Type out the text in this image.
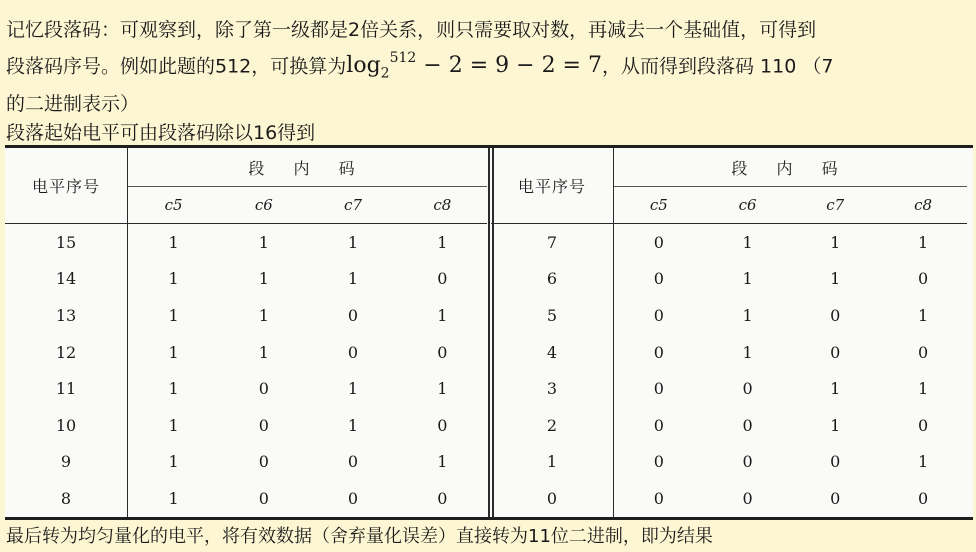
记忆段落码：可观察到，除了第一级都是2倍关系，则只需要取对数，再减去一个基础值，可得到
段落码序号。例如此题的512，可换算为$\log_2^{512} - 2 = 9 - 2 = 7$，从而得到段落码 110 （7
的二进制表示）
段落起始电平可由段落码除以16得到
电平序号	段 内 码			
	c5	c6	c7	c8
15	1	1	1	1
14	1	1	1	0
13	1	1	0	1
12	1	1	0	0
11	1	0	1	1
10	1	0	1	0
9	1	0	0	1
8	1	0	0	0
电平序号	段 内 码			
	c5	c6	c7	c8
7	0	1	1	1
6	0	1	1	0
5	0	1	0	1
4	0	1	0	0
3	0	0	1	1
2	0	0	1	0
1	0	0	0	1
0	0	0	0	0
最后转为均匀量化的电平，将有效数据（舍弃量化误差）直接转为11位二进制，即为结果
